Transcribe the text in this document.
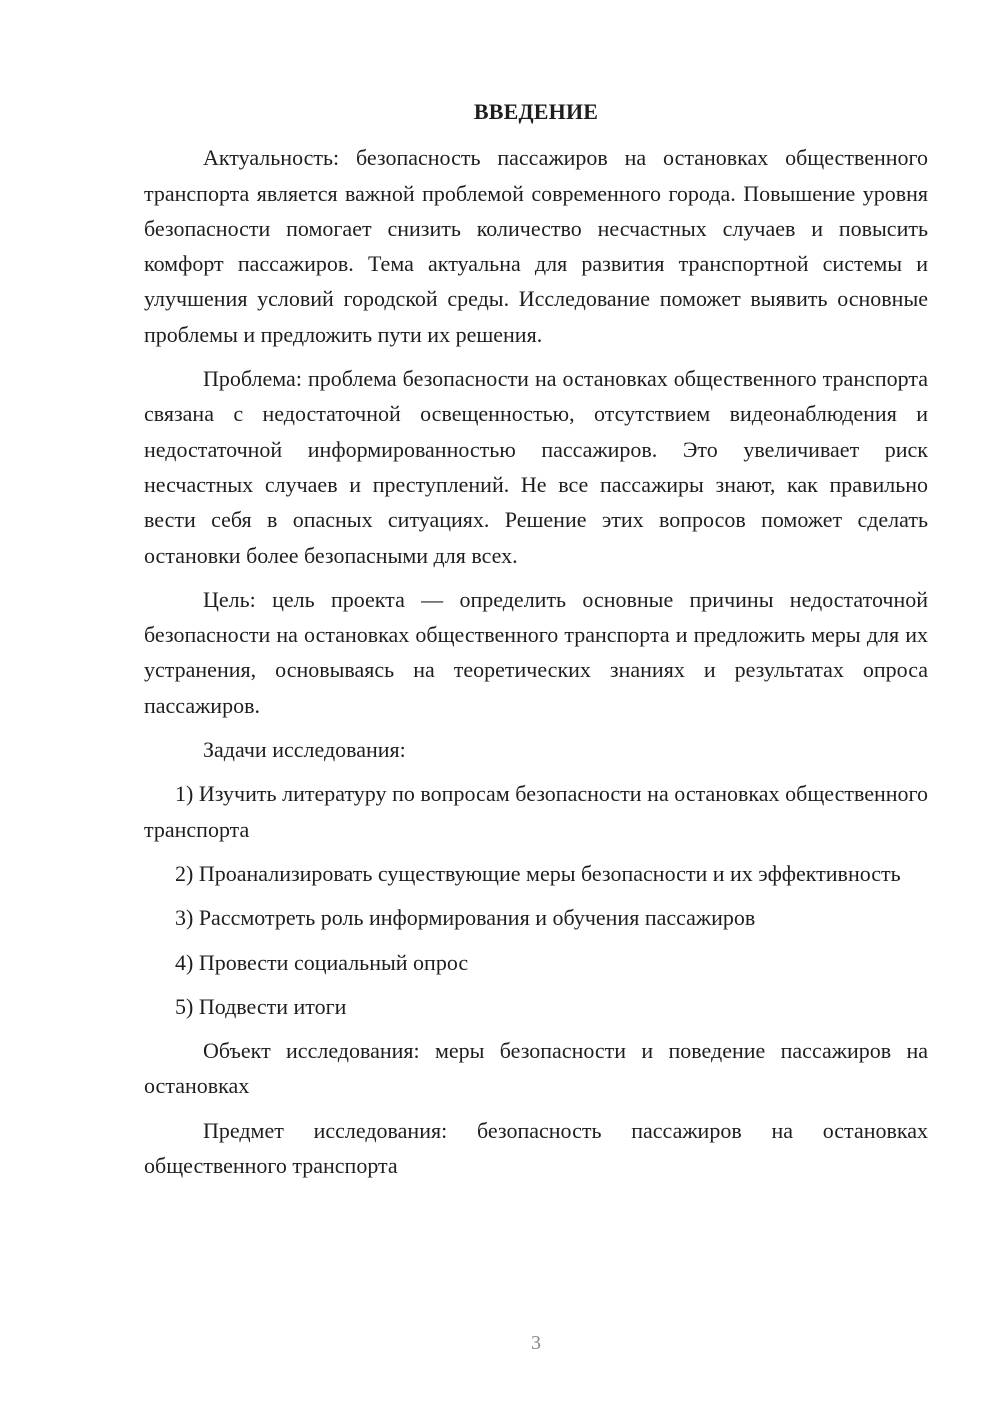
ВВЕДЕНИЕ

Актуальность: безопасность пассажиров на остановках общественного транспорта является важной проблемой современного города. Повышение уровня безопасности помогает снизить количество несчастных случаев и повысить комфорт пассажиров. Тема актуальна для развития транспортной системы и улучшения условий городской среды. Исследование поможет выявить основные проблемы и предложить пути их решения.

Проблема: проблема безопасности на остановках общественного транспорта связана с недостаточной освещенностью, отсутствием видеонаблюдения и недостаточной информированностью пассажиров. Это увеличивает риск несчастных случаев и преступлений. Не все пассажиры знают, как правильно вести себя в опасных ситуациях. Решение этих вопросов поможет сделать остановки более безопасными для всех.

Цель: цель проекта — определить основные причины недостаточной безопасности на остановках общественного транспорта и предложить меры для их устранения, основываясь на теоретических знаниях и результатах опроса пассажиров.

Задачи исследования:

1) Изучить литературу по вопросам безопасности на остановках общественного транспорта

2) Проанализировать существующие меры безопасности и их эффективность

3) Рассмотреть роль информирования и обучения пассажиров

4) Провести социальный опрос

5) Подвести итоги

Объект исследования: меры безопасности и поведение пассажиров на остановках

Предмет исследования: безопасность пассажиров на остановках общественного транспорта

3
